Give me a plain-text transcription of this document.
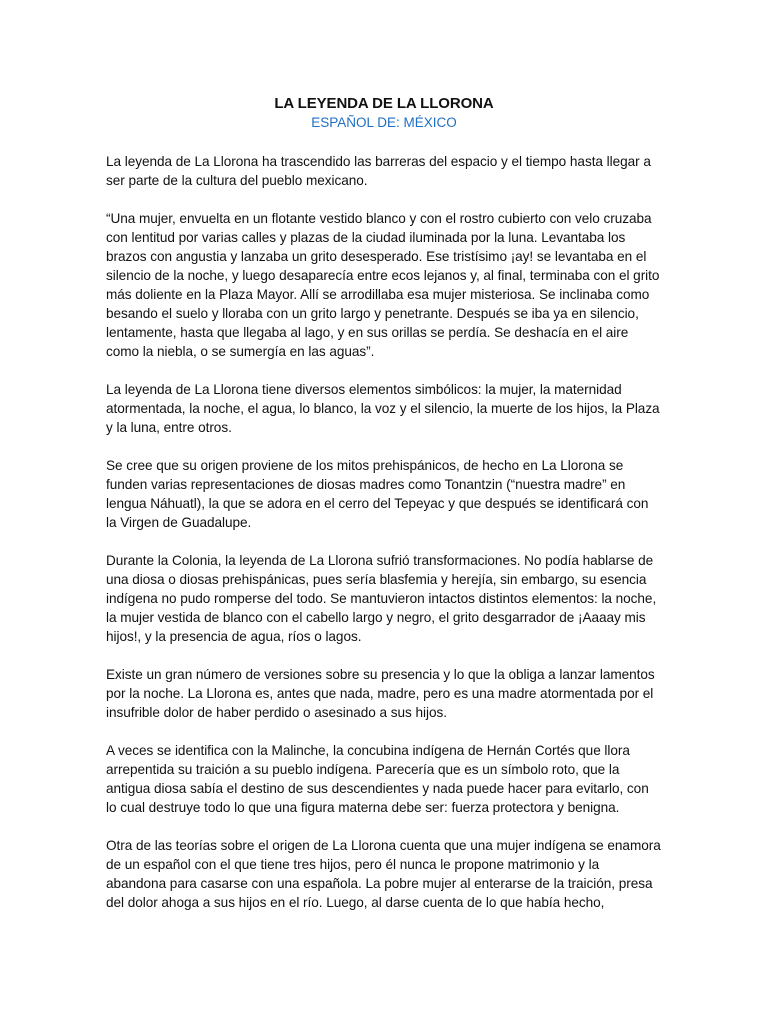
LA LEYENDA DE LA LLORONA
ESPAÑOL DE: MÉXICO

La leyenda de La Llorona ha trascendido las barreras del espacio y el tiempo hasta llegar a ser parte de la cultura del pueblo mexicano.

“Una mujer, envuelta en un flotante vestido blanco y con el rostro cubierto con velo cruzaba con lentitud por varias calles y plazas de la ciudad iluminada por la luna. Levantaba los brazos con angustia y lanzaba un grito desesperado. Ese tristísimo ¡ay! se levantaba en el silencio de la noche, y luego desaparecía entre ecos lejanos y, al final, terminaba con el grito más doliente en la Plaza Mayor. Allí se arrodillaba esa mujer misteriosa. Se inclinaba como besando el suelo y lloraba con un grito largo y penetrante. Después se iba ya en silencio, lentamente, hasta que llegaba al lago, y en sus orillas se perdía. Se deshacía en el aire como la niebla, o se sumergía en las aguas”.

La leyenda de La Llorona tiene diversos elementos simbólicos: la mujer, la maternidad atormentada, la noche, el agua, lo blanco, la voz y el silencio, la muerte de los hijos, la Plaza y la luna, entre otros.

Se cree que su origen proviene de los mitos prehispánicos, de hecho en La Llorona se funden varias representaciones de diosas madres como Tonantzin (“nuestra madre” en lengua Náhuatl), la que se adora en el cerro del Tepeyac y que después se identificará con la Virgen de Guadalupe.

Durante la Colonia, la leyenda de La Llorona sufrió transformaciones. No podía hablarse de una diosa o diosas prehispánicas, pues sería blasfemia y herejía, sin embargo, su esencia indígena no pudo romperse del todo. Se mantuvieron intactos distintos elementos: la noche, la mujer vestida de blanco con el cabello largo y negro, el grito desgarrador de ¡Aaaay mis hijos!, y la presencia de agua, ríos o lagos.

Existe un gran número de versiones sobre su presencia y lo que la obliga a lanzar lamentos por la noche. La Llorona es, antes que nada, madre, pero es una madre atormentada por el insufrible dolor de haber perdido o asesinado a sus hijos.

A veces se identifica con la Malinche, la concubina indígena de Hernán Cortés que llora arrepentida su traición a su pueblo indígena. Parecería que es un símbolo roto, que la antigua diosa sabía el destino de sus descendientes y nada puede hacer para evitarlo, con lo cual destruye todo lo que una figura materna debe ser: fuerza protectora y benigna.

Otra de las teorías sobre el origen de La Llorona cuenta que una mujer indígena se enamora de un español con el que tiene tres hijos, pero él nunca le propone matrimonio y la abandona para casarse con una española. La pobre mujer al enterarse de la traición, presa del dolor ahoga a sus hijos en el río. Luego, al darse cuenta de lo que había hecho,
